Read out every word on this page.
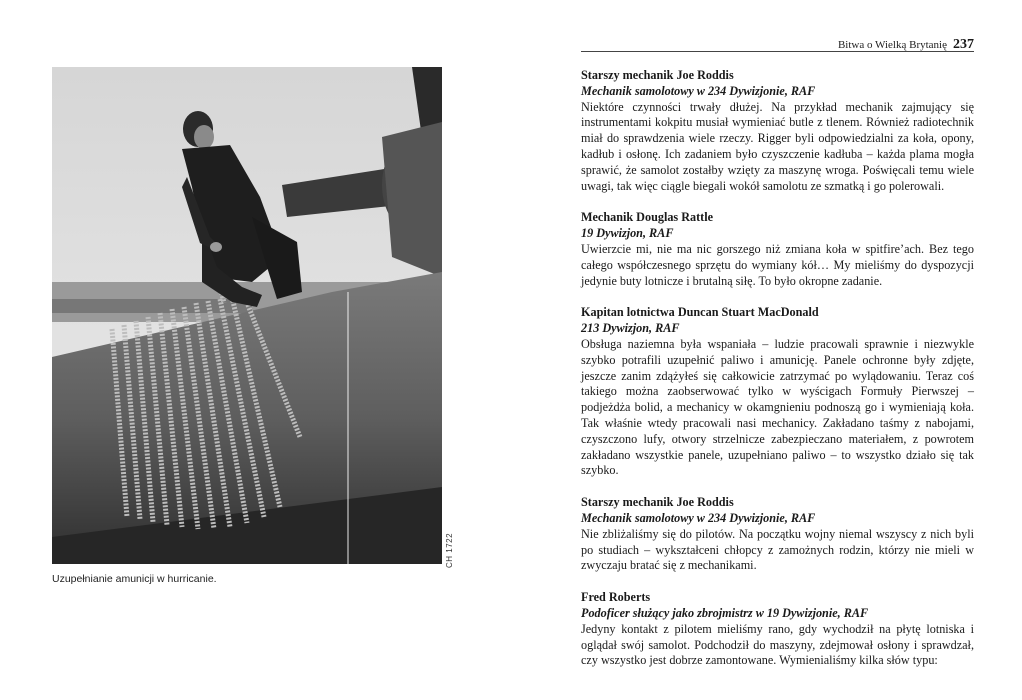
CH 1722
Uzupełnianie amunicji w hurricanie.
Bitwa o Wielką Brytanię 237
Starszy mechanik Joe Roddis
Mechanik samolotowy w 234 Dywizjonie, RAF
Niektóre czynności trwały dłużej. Na przykład mechanik zajmujący się instrumentami kokpitu musiał wymieniać butle z tlenem. Również radiotechnik miał do sprawdzenia wiele rzeczy. Rigger byli odpowiedzialni za koła, opony, kadłub i osłonę. Ich zadaniem było czyszczenie kadłuba – każda plama mogła sprawić, że samolot zostałby wzięty za maszynę wroga. Poświęcali temu wiele uwagi, tak więc ciągle biegali wokół samolotu ze szmatką i go polerowali.
Mechanik Douglas Rattle
19 Dywizjon, RAF
Uwierzcie mi, nie ma nic gorszego niż zmiana koła w spitfire’ach. Bez tego całego współczesnego sprzętu do wymiany kół… My mieliśmy do dyspozycji jedynie buty lotnicze i brutalną siłę. To było okropne zadanie.
Kapitan lotnictwa Duncan Stuart MacDonald
213 Dywizjon, RAF
Obsługa naziemna była wspaniała – ludzie pracowali sprawnie i niezwykle szybko potrafili uzupełnić paliwo i amunicję. Panele ochronne były zdjęte, jeszcze zanim zdążyłeś się całkowicie zatrzymać po wylądowaniu. Teraz coś takiego można zaobserwować tylko w wyścigach Formuły Pierwszej – podjeżdża bolid, a mechanicy w okamgnieniu podnoszą go i wymieniają koła. Tak właśnie wtedy pracowali nasi mechanicy. Zakładano taśmy z nabojami, czyszczono lufy, otwory strzelnicze zabezpieczano materiałem, z powrotem zakładano wszystkie panele, uzupełniano paliwo – to wszystko działo się tak szybko.
Starszy mechanik Joe Roddis
Mechanik samolotowy w 234 Dywizjonie, RAF
Nie zbliżaliśmy się do pilotów. Na początku wojny niemal wszyscy z nich byli po studiach – wykształceni chłopcy z zamożnych rodzin, którzy nie mieli w zwyczaju bratać się z mechanikami.
Fred Roberts
Podoficer służący jako zbrojmistrz w 19 Dywizjonie, RAF
Jedyny kontakt z pilotem mieliśmy rano, gdy wychodził na płytę lotniska i oglądał swój samolot. Podchodził do maszyny, zdejmował osłony i sprawdzał, czy wszystko jest dobrze zamontowane. Wymienialiśmy kilka słów typu:
